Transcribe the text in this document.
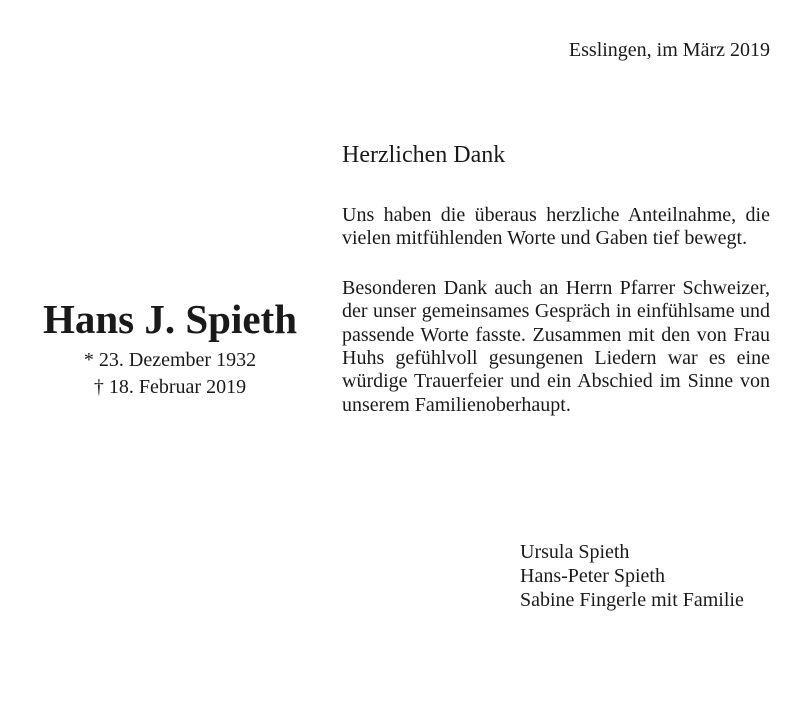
Esslingen, im März 2019
Hans J. Spieth
* 23. Dezember 1932
† 18. Februar 2019
Herzlichen Dank

Uns haben die überaus herzliche Anteilnahme, die vielen mitfühlenden Worte und Gaben tief bewegt.

Besonderen Dank auch an Herrn Pfarrer Schweizer, der unser gemeinsames Gespräch in einfühlsame und passende Worte fasste. Zusammen mit den von Frau Huhs gefühlvoll gesungenen Liedern war es eine würdige Trauerfeier und ein Abschied im Sinne von unserem Familienoberhaupt.

Ursula Spieth
Hans-Peter Spieth
Sabine Fingerle mit Familie
